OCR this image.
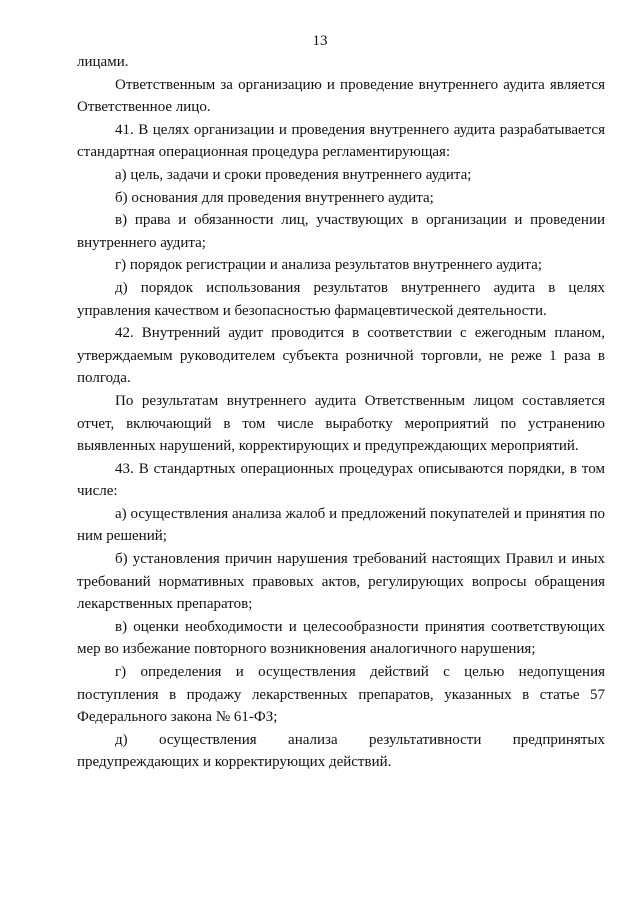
13

лицами.

Ответственным за организацию и проведение внутреннего аудита является Ответственное лицо.

41. В целях организации и проведения внутреннего аудита разрабатывается стандартная операционная процедура регламентирующая:

а) цель, задачи и сроки проведения внутреннего аудита;

б) основания для проведения внутреннего аудита;

в) права и обязанности лиц, участвующих в организации и проведении внутреннего аудита;

г) порядок регистрации и анализа результатов внутреннего аудита;

д) порядок использования результатов внутреннего аудита в целях управления качеством и безопасностью фармацевтической деятельности.

42. Внутренний аудит проводится в соответствии с ежегодным планом, утверждаемым руководителем субъекта розничной торговли, не реже 1 раза в полгода.

По результатам внутреннего аудита Ответственным лицом составляется отчет, включающий в том числе выработку мероприятий по устранению выявленных нарушений, корректирующих и предупреждающих мероприятий.

43. В стандартных операционных процедурах описываются порядки, в том числе:

а) осуществления анализа жалоб и предложений покупателей и принятия по ним решений;

б) установления причин нарушения требований настоящих Правил и иных требований нормативных правовых актов, регулирующих вопросы обращения лекарственных препаратов;

в) оценки необходимости и целесообразности принятия соответствующих мер во избежание повторного возникновения аналогичного нарушения;

г) определения и осуществления действий с целью недопущения поступления в продажу лекарственных препаратов, указанных в статье 57 Федерального закона № 61-ФЗ;

д) осуществления анализа результативности предпринятых предупреждающих и корректирующих действий.
